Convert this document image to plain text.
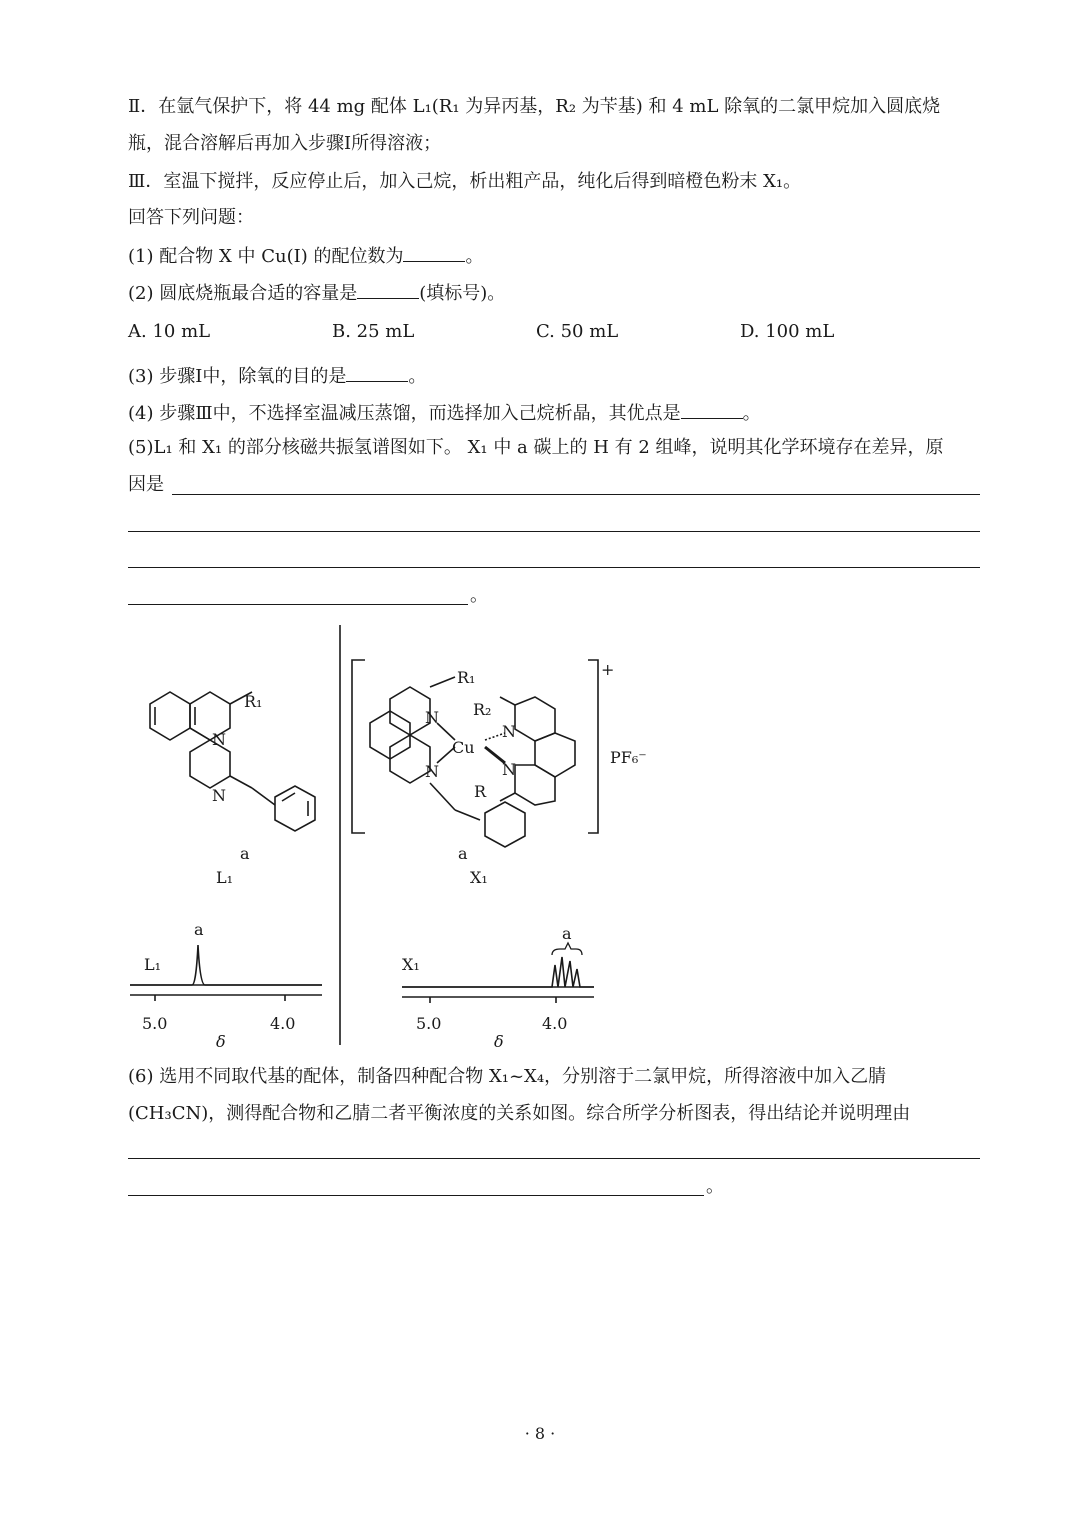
Ⅱ．在氩气保护下，将 44 mg 配体 L₁(R₁ 为异丙基，R₂ 为苄基) 和 4 mL 除氧的二氯甲烷加入圆底烧
瓶，混合溶解后再加入步骤Ⅰ所得溶液；
Ⅲ．室温下搅拌，反应停止后，加入己烷，析出粗产品，纯化后得到暗橙色粉末 X₁。
回答下列问题：
(1) 配合物 X 中 Cu(Ⅰ) 的配位数为	。
(2) 圆底烧瓶最合适的容量是	(填标号)。
A. 10 mL	B. 25 mL	C. 50 mL	D. 100 mL
(3) 步骤Ⅰ中，除氧的目的是	。
(4) 步骤Ⅲ中，不选择室温减压蒸馏，而选择加入己烷析晶，其优点是	。
(5)L₁ 和 X₁ 的部分核磁共振氢谱图如下。 X₁ 中 a 碳上的 H 有 2 组峰，说明其化学环境存在差异，原
因是
。
R₁
N
N
a
L₁
R₁
R₂
N
N
N
N
Cu
R
+
PF₆⁻
a
X₁
a
L₁
5.0	4.0
δ
a
X₁
5.0	4.0
δ
(6) 选用不同取代基的配体，制备四种配合物 X₁~X₄，分别溶于二氯甲烷，所得溶液中加入乙腈
(CH₃CN)，测得配合物和乙腈二者平衡浓度的关系如图。综合所学分析图表，得出结论并说明理由
。
· 8 ·
